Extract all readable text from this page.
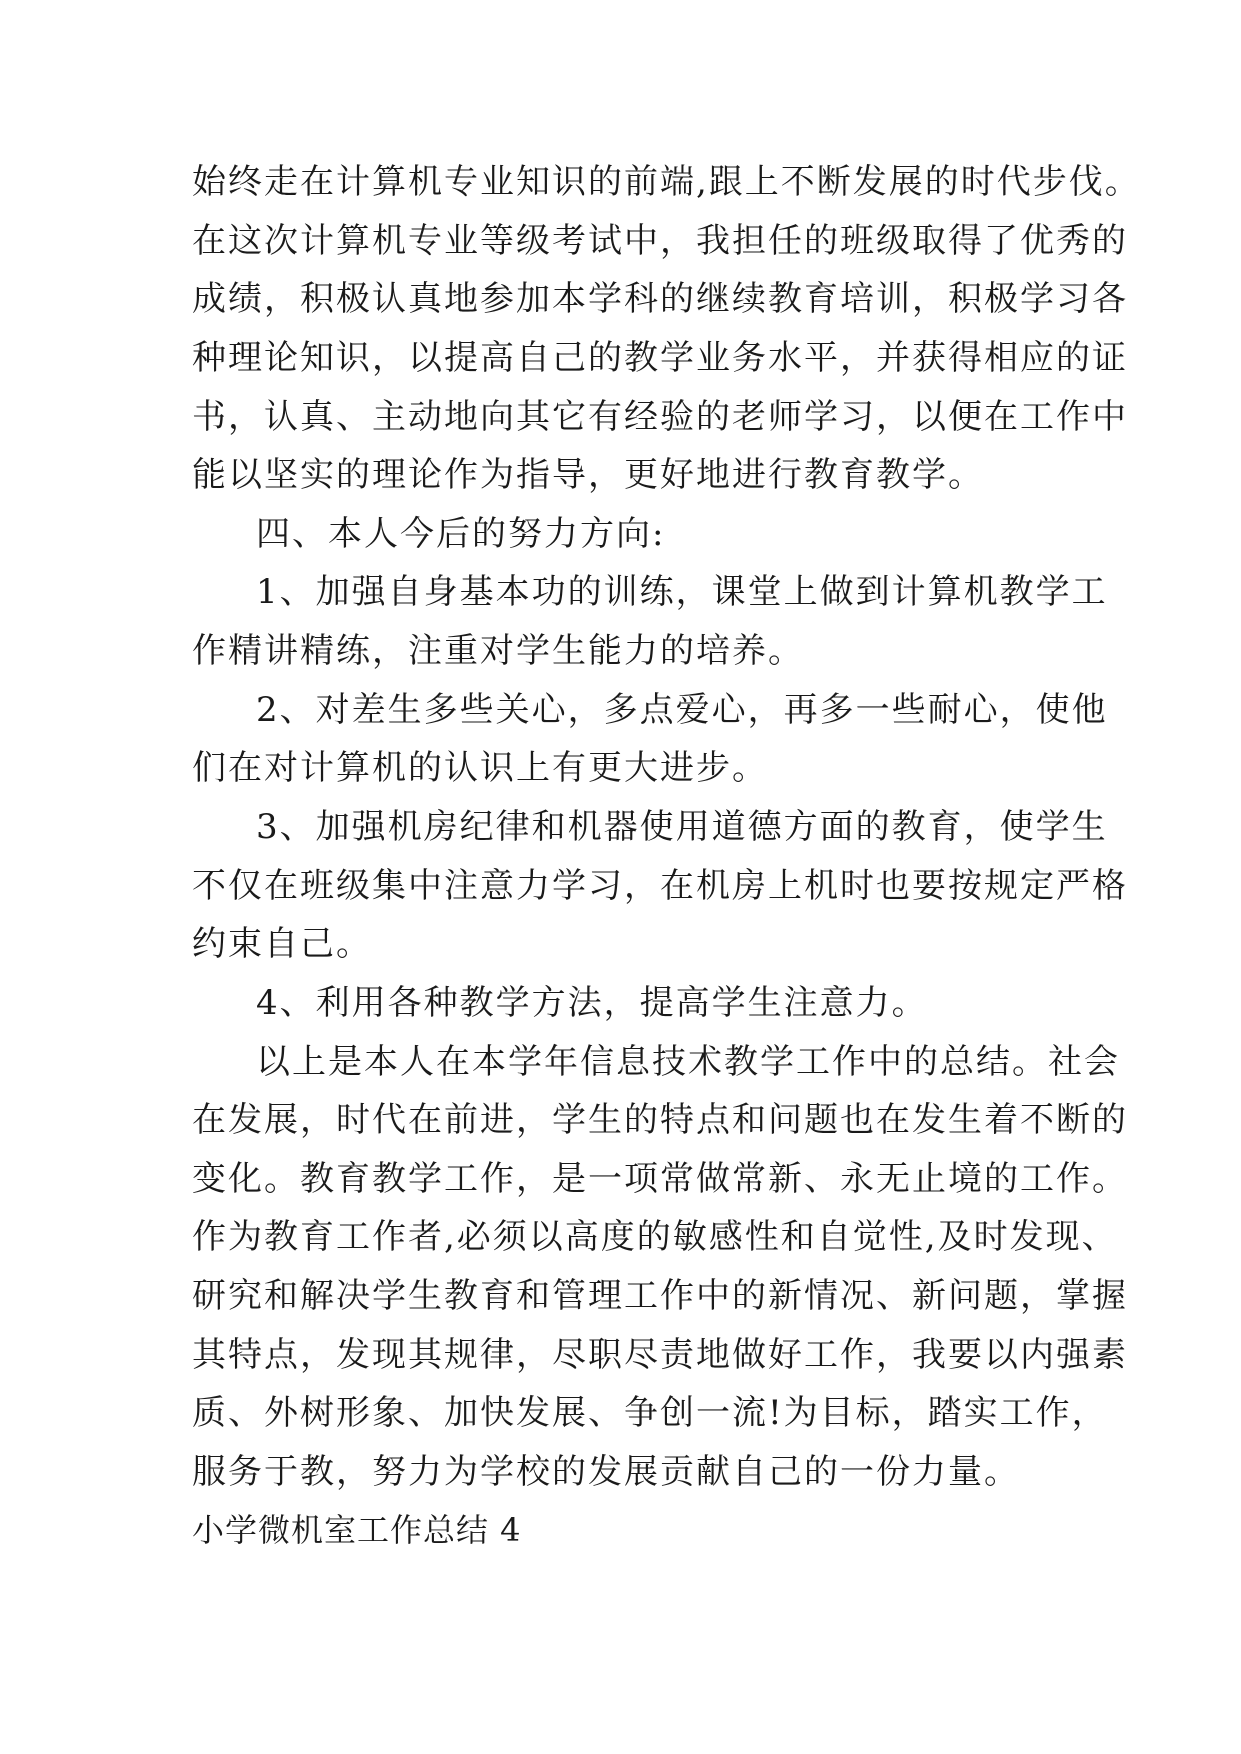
始终走在计算机专业知识的前端,跟上不断发展的时代步伐。
在这次计算机专业等级考试中，我担任的班级取得了优秀的
成绩，积极认真地参加本学科的继续教育培训，积极学习各
种理论知识，以提高自己的教学业务水平，并获得相应的证
书，认真、主动地向其它有经验的老师学习，以便在工作中
能以坚实的理论作为指导，更好地进行教育教学。
四、本人今后的努力方向:
1、加强自身基本功的训练，课堂上做到计算机教学工
作精讲精练，注重对学生能力的培养。
2、对差生多些关心，多点爱心，再多一些耐心，使他
们在对计算机的认识上有更大进步。
3、加强机房纪律和机器使用道德方面的教育，使学生
不仅在班级集中注意力学习，在机房上机时也要按规定严格
约束自己。
4、利用各种教学方法，提高学生注意力。
以上是本人在本学年信息技术教学工作中的总结。社会
在发展，时代在前进，学生的特点和问题也在发生着不断的
变化。教育教学工作，是一项常做常新、永无止境的工作。
作为教育工作者,必须以高度的敏感性和自觉性,及时发现、
研究和解决学生教育和管理工作中的新情况、新问题，掌握
其特点，发现其规律，尽职尽责地做好工作，我要以内强素
质、外树形象、加快发展、争创一流!为目标，踏实工作，
服务于教，努力为学校的发展贡献自己的一份力量。
小学微机室工作总结 4
